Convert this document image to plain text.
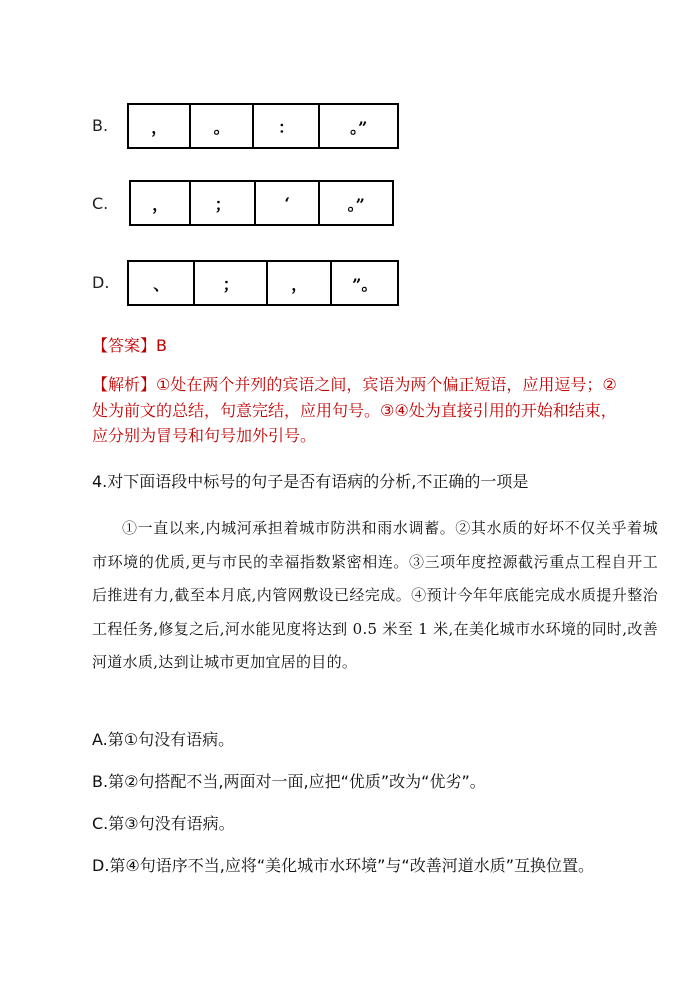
B.	，	。	：	。”
C.	，	；	‘	。”
D.	、	；	，	”。
【答案】B
【解析】①处在两个并列的宾语之间，宾语为两个偏正短语，应用逗号；②处为前文的总结，句意完结，应用句号。③④处为直接引用的开始和结束，应分别为冒号和句号加外引号。
4.对下面语段中标号的句子是否有语病的分析,不正确的一项是
①一直以来,内城河承担着城市防洪和雨水调蓄。②其水质的好坏不仅关乎着城市环境的优质,更与市民的幸福指数紧密相连。③三项年度控源截污重点工程自开工后推进有力,截至本月底,内管网敷设已经完成。④预计今年年底能完成水质提升整治工程任务,修复之后,河水能见度将达到 0.5 米至 1 米,在美化城市水环境的同时,改善河道水质,达到让城市更加宜居的目的。
A.第①句没有语病。
B.第②句搭配不当,两面对一面,应把“优质”改为“优劣”。
C.第③句没有语病。
D.第④句语序不当,应将“美化城市水环境”与“改善河道水质”互换位置。
